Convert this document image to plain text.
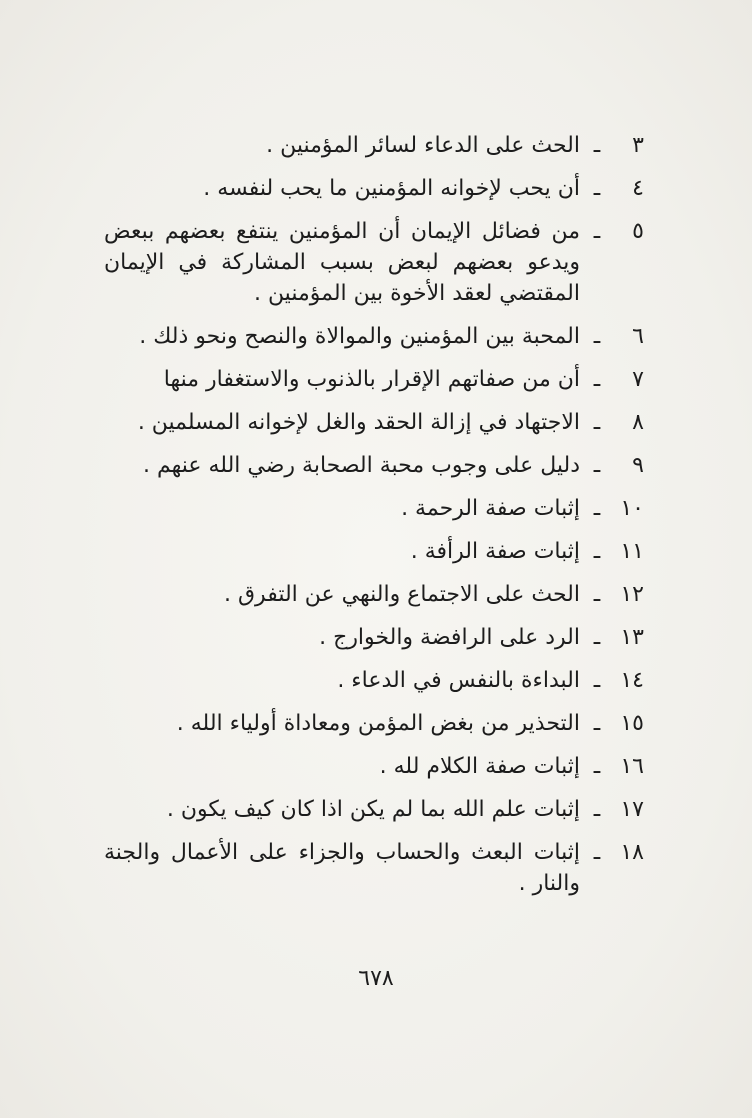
٣
ـ
الحث على الدعاء لسائر المؤمنين .
٤
ـ
أن يحب لإخوانه المؤمنين ما يحب لنفسه .
٥
ـ
من فضائل الإيمان أن المؤمنين ينتفع بعضهم ببعض ويدعو بعضهم لبعض بسبب المشاركة في الإيمان المقتضي لعقد الأخوة بين المؤمنين .
٦
ـ
المحبة بين المؤمنين والموالاة والنصح ونحو ذلك .
٧
ـ
أن من صفاتهم الإقرار بالذنوب والاستغفار منها
٨
ـ
الاجتهاد في إزالة الحقد والغل لإخوانه المسلمين .
٩
ـ
دليل على وجوب محبة الصحابة رضي الله عنهم .
١٠
ـ
إثبات صفة الرحمة .
١١
ـ
إثبات صفة الرأفة .
١٢
ـ
الحث على الاجتماع والنهي عن التفرق .
١٣
ـ
الرد على الرافضة والخوارج .
١٤
ـ
البداءة بالنفس في الدعاء .
١٥
ـ
التحذير من بغض المؤمن ومعاداة أولياء الله .
١٦
ـ
إثبات صفة الكلام لله .
١٧
ـ
إثبات علم الله بما لم يكن اذا كان كيف يكون .
١٨
ـ
إثبات البعث والحساب والجزاء على الأعمال والجنة والنار .
٦٧٨
